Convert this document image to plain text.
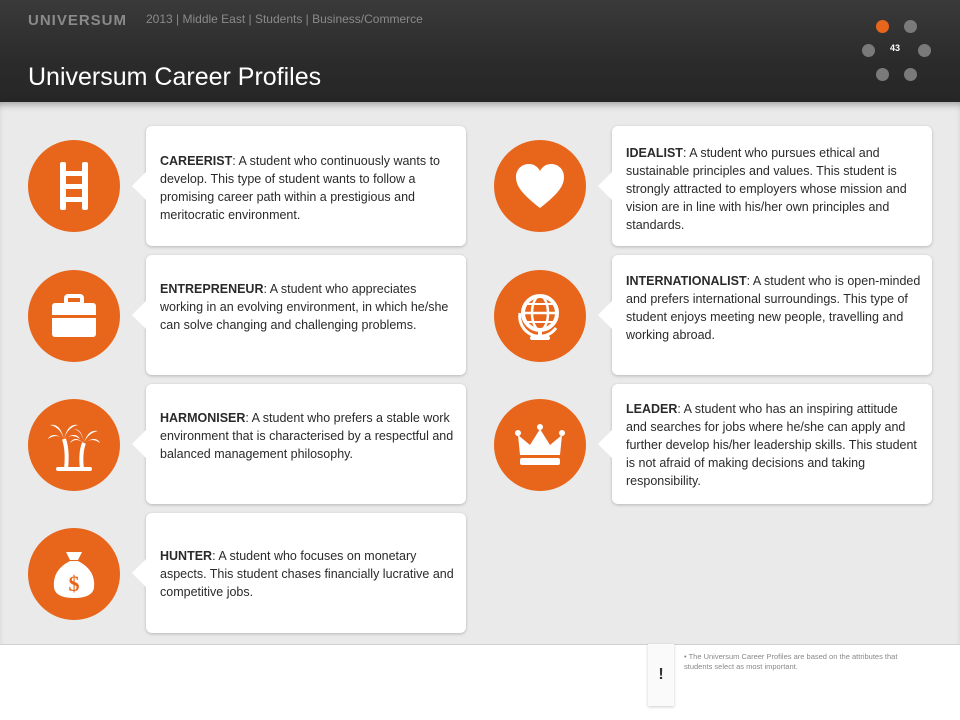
UNIVERSUM 2013 | Middle East | Students | Business/Commerce
Universum Career Profiles
43

CAREERIST: A student who continuously wants to develop. This type of student wants to follow a promising career path within a prestigious and meritocratic environment.

ENTREPRENEUR: A student who appreciates working in an evolving environment, in which he/she can solve changing and challenging problems.

HARMONISER: A student who prefers a stable work environment that is characterised by a respectful and balanced management philosophy.

$

HUNTER: A student who focuses on monetary aspects. This student chases financially lucrative and competitive jobs.

IDEALIST: A student who pursues ethical and sustainable principles and values. This student is strongly attracted to employers whose mission and vision are in line with his/her own principles and standards.

INTERNATIONALIST: A student who is open-minded and prefers international surroundings. This type of student enjoys meeting new people, travelling and working abroad.

LEADER: A student who has an inspiring attitude and searches for jobs where he/she can apply and further develop his/her leadership skills. This student is not afraid of making decisions and taking responsibility.

!
• The Universum Career Profiles are based on the attributes that students select as most important.
